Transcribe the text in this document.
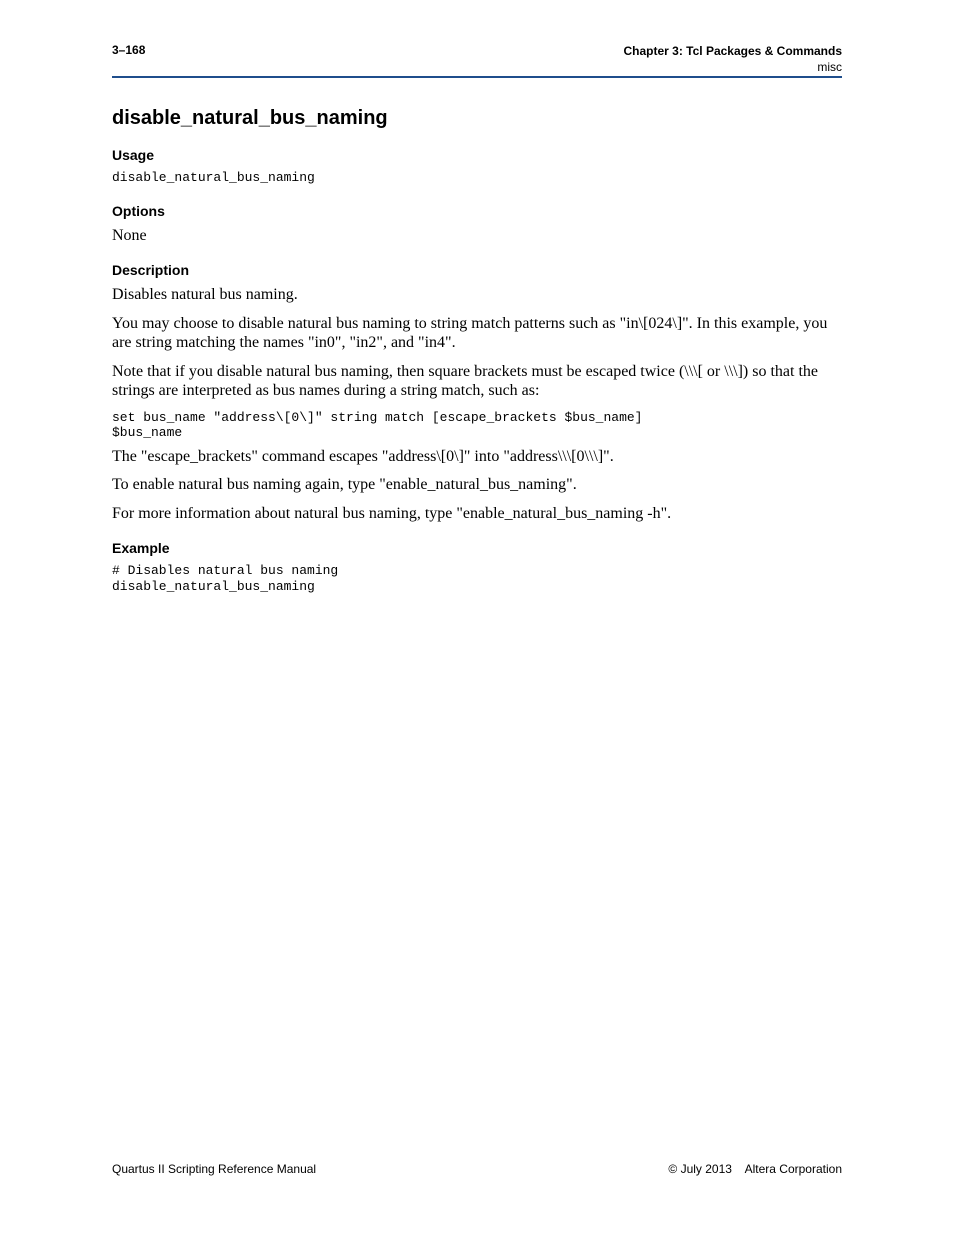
3–168	Chapter 3: Tcl Packages & Commands
misc
disable_natural_bus_naming
Usage
disable_natural_bus_naming
Options

None

Description

Disables natural bus naming.

You may choose to disable natural bus naming to string match patterns such as "in\[024\]". In this example, you are string matching the names "in0", "in2", and "in4".

Note that if you disable natural bus naming, then square brackets must be escaped twice (\\\[ or \\\]) so that the strings are interpreted as bus names during a string match, such as:

set bus_name "address\[0\]" string match [escape_brackets $bus_name]
$bus_name

The "escape_brackets" command escapes "address\[0\]" into "address\\\[0\\\]".

To enable natural bus naming again, type "enable_natural_bus_naming".

For more information about natural bus naming, type "enable_natural_bus_naming -h".

Example
# Disables natural bus naming
disable_natural_bus_naming
Quartus II Scripting Reference Manual	© July 2013    Altera Corporation
